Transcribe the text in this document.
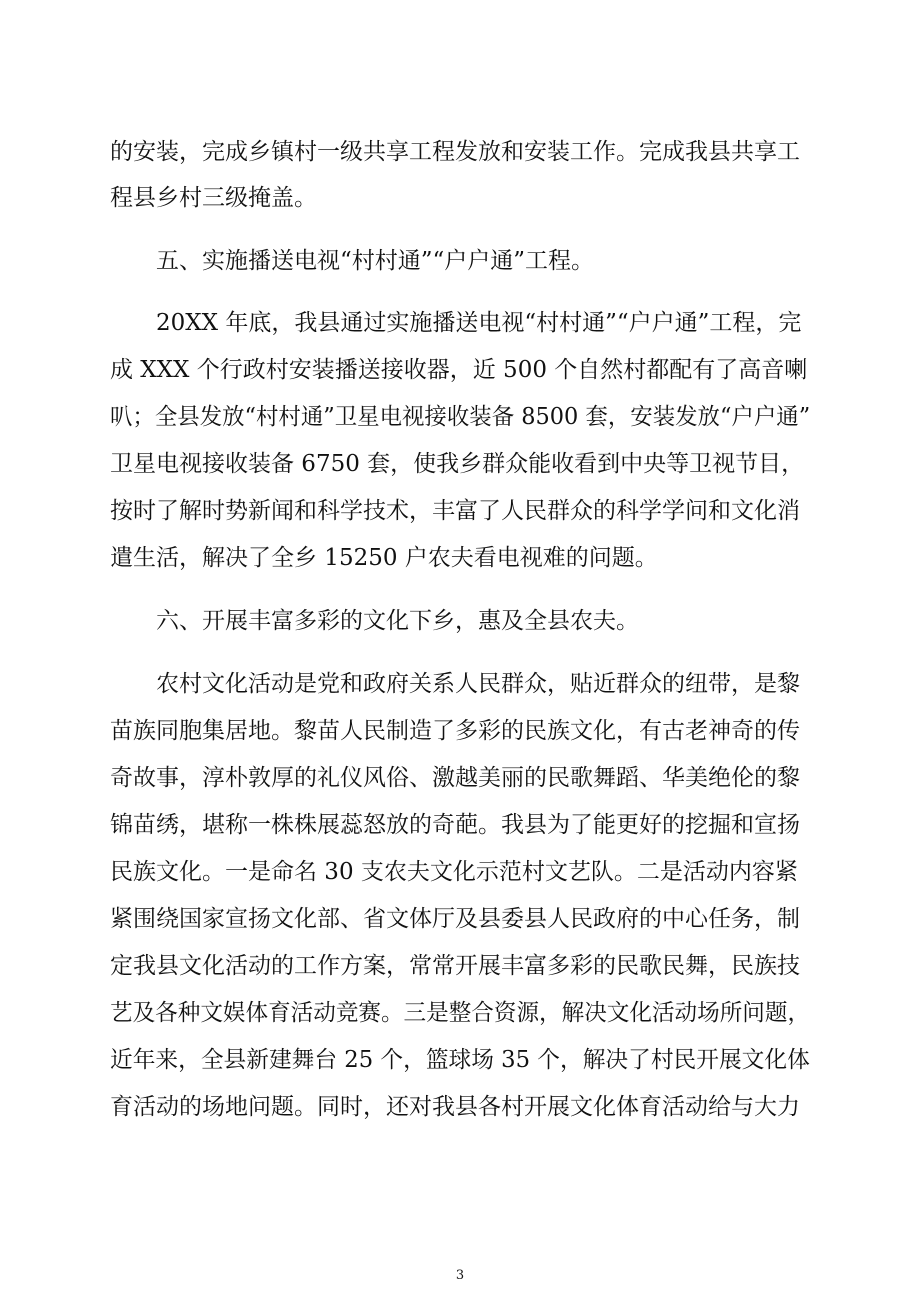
的安装，完成乡镇村一级共享工程发放和安装工作。完成我县共享工
程县乡村三级掩盖。
五、实施播送电视“村村通”“户户通”工程。
20XX 年底，我县通过实施播送电视“村村通”“户户通”工程，完
成 XXX 个行政村安装播送接收器，近 500 个自然村都配有了高音喇
叭；全县发放“村村通”卫星电视接收装备 8500 套，安装发放“户户通”
卫星电视接收装备 6750 套，使我乡群众能收看到中央等卫视节目，
按时了解时势新闻和科学技术，丰富了人民群众的科学学问和文化消
遣生活，解决了全乡 15250 户农夫看电视难的问题。
六、开展丰富多彩的文化下乡，惠及全县农夫。
农村文化活动是党和政府关系人民群众，贴近群众的纽带，是黎
苗族同胞集居地。黎苗人民制造了多彩的民族文化，有古老神奇的传
奇故事，淳朴敦厚的礼仪风俗、激越美丽的民歌舞蹈、华美绝伦的黎
锦苗绣，堪称一株株展蕊怒放的奇葩。我县为了能更好的挖掘和宣扬
民族文化。一是命名 30 支农夫文化示范村文艺队。二是活动内容紧
紧围绕国家宣扬文化部、省文体厅及县委县人民政府的中心任务，制
定我县文化活动的工作方案，常常开展丰富多彩的民歌民舞，民族技
艺及各种文娱体育活动竞赛。三是整合资源，解决文化活动场所问题，
近年来，全县新建舞台 25 个，篮球场 35 个，解决了村民开展文化体
育活动的场地问题。同时，还对我县各村开展文化体育活动给与大力
3
